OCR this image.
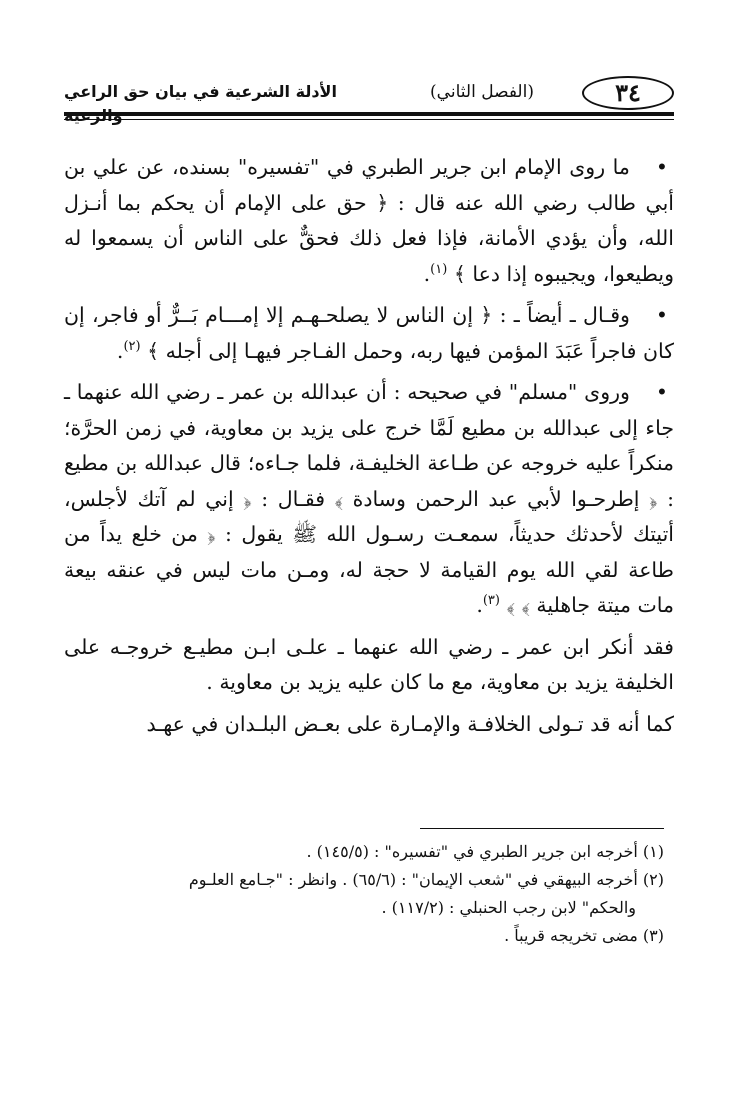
٣٤
(الفصل الثاني)
الأدلة الشرعية في بيان حق الراعي

•ما روى الإمام ابن جرير الطبري في "تفسيره" بسنده، عن علي بن أبي طالب رضي الله عنه قال : ﴿ حق على الإمام أن يحكم بما أنـزل الله، وأن يؤدي الأمانة، فإذا فعل ذلك فحقٌّ على الناس أن يسمعوا له ويطيعوا، ويجيبوه إذا دعا ﴾ $^{(١)}$.

•وقـال ـ أيضاً ـ : ﴿ إن الناس لا يصلحـهـم إلا إمـــام بَــرٌّ أو فاجر، إن كان فاجراً عَبَدَ المؤمن فيها ربه، وحمل الفـاجر فيهـا إلى أجله ﴾ $^{(٢)}$.

•وروى "مسلم" في صحيحه : أن عبدالله بن عمر ـ رضي الله عنهما ـ جاء إلى عبدالله بن مطيع لَمَّا خرج على يزيد بن معاوية، في زمن الحرَّة؛ منكراً عليه خروجه عن طـاعة الخليفـة، فلما جـاءه؛ قال عبدالله بن مطيع : ﴿ إطرحـوا لأبي عبد الرحمن وسادة ﴾ فقـال : ﴿ إني لم آتك لأجلس، أتيتك لأحدثك حديثاً، سمعـت رسـول الله ﷺ يقول : ﴿ من خلع يداً من طاعة لقي الله يوم القيامة لا حجة له، ومـن مات ليس في عنقه بيعة مات ميتة جاهلية ﴾ ﴾ $^{(٣)}$.

فقد أنكر ابن عمر ـ رضي الله عنهما ـ علـى ابـن مطيـع خروجـه على الخليفة يزيد بن معاوية، مع ما كان عليه يزيد بن معاوية .

كما أنه قد تـولى الخلافـة والإمـارة على بعـض البلـدان في عهـد

(١) أخرجه ابن جرير الطبري في "تفسيره" : (١٤٥/٥) .

(٢) أخرجه البيهقي في "شعب الإيمان" : (٦٥/٦) . وانظر : "جـامع العلـوم

والحكم" لابن رجب الحنبلي : (١١٧/٢) .

(٣) مضى تخريجه قريباً .
